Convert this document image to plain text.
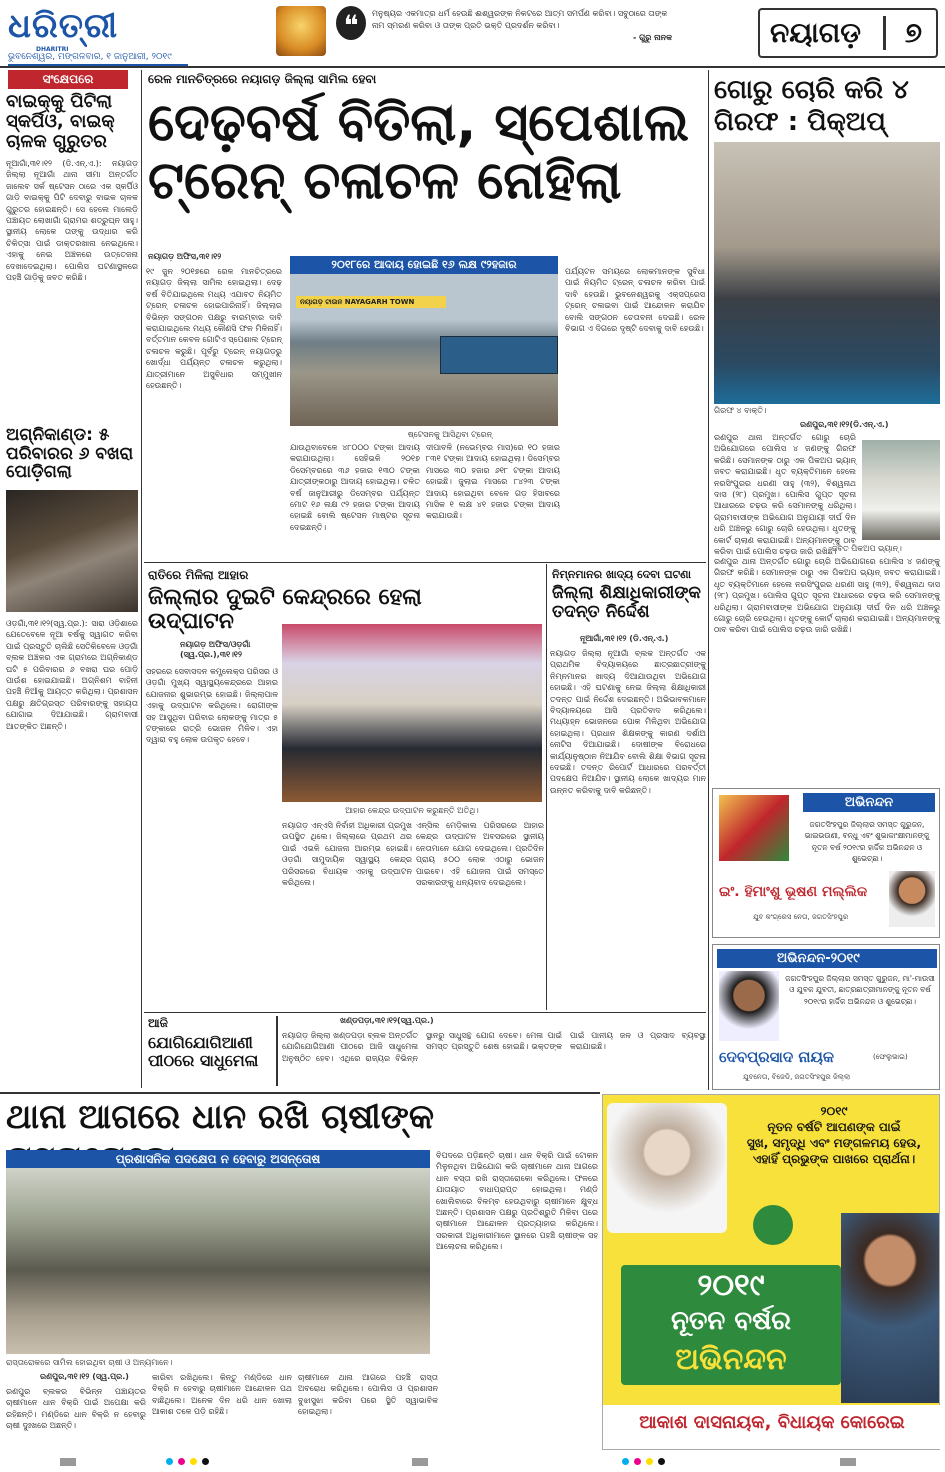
ଧରିତ୍ରୀ
DHARITRI
ଭୁବନେଶ୍ୱର, ମଙ୍ଗଳବାର, ୧ ଜାନୁଆରୀ, ୨୦୧୯
❝	ମନୁଷ୍ୟର ଏକମାତ୍ର ଧର୍ମ ହେଉଛି ଈଶ୍ୱରଙ୍କ ନିକଟରେ ଆତ୍ମ ସମର୍ପଣ କରିବା। ସବୁଠାରେ ତାଙ୍କ ନାମ ସ୍ମରଣ କରିବା ଓ ତାଙ୍କ ପ୍ରତି ଭକ୍ତି ପ୍ରଦର୍ଶନ କରିବା।
- ଗୁରୁ ନାନକ	ନୟାଗଡ଼ ୭
ସଂକ୍ଷେପରେ
ବାଇକ୍‌କୁ ପିଟିଲା ସ୍କର୍ପିଓ, ବାଇକ୍ ଚାଳକ ଗୁରୁତର
ନୂଆଗାଁ,୩୧।୧୨ (ଡି.ଏନ୍.ଏ.): ନୟାଗଡ଼ ଜିଲ୍ଲା ନୂଆଗାଁ ଥାନା ସୀମା ଅନ୍ତର୍ଗତ ଜାଲେବ ସର୍କ ଷ୍ଟେସନ ଠାରେ ଏକ ସ୍କର୍ପିଓ ଗାଡ଼ି ବାଇକ୍‌କୁ ପିଟି ଦେବାରୁ ବାଇକ ଚାଳକ ଗୁରୁତର ହୋଇଛନ୍ତି। ସେ ହେଲେ ମାଲେଡ଼ି ପଞ୍ଚାୟତ ଲୋଖାଗାଁ ଗ୍ରାମର ଶତ୍ରୁଘ୍ନ ସାହୁ। ସ୍ଥାନୀୟ ଲୋକେ ତାଙ୍କୁ ଉଦ୍ଧାର କରି ଚିକିତ୍ସା ପାଇଁ ଡାକ୍ତରଖାନା ନେଇଥିଲେ। ଏହାକୁ ନେଇ ଅଞ୍ଚଳରେ ଉତ୍ତେଜନା ଦେଖାଦେଇଥିଲା। ପୋଲିସ ଘଟଣାସ୍ଥଳରେ ପହଞ୍ଚି ଗାଡ଼ିକୁ ଜବତ କରିଛି।
ଅଗ୍ନିକାଣ୍ଡ: ୫ ପରିବାରର ୬ ବଖରା ପୋଡ଼ିଗଲା
ଓଡ଼ଗାଁ,୩୧।୧୨(ସ୍ୱ.ପ୍ର.): ସାରା ଓଡ଼ିଶାରେ ଯେତେବେଳେ ନୂଆ ବର୍ଷକୁ ସ୍ୱାଗତ କରିବା ପାଇଁ ପ୍ରସ୍ତୁତି ଚାଲିଛି ସେତିକିବେଳେ ଓଡ଼ଗାଁ ବ୍ଲକ ଅଞ୍ଚଳର ଏକ ଗ୍ରାମରେ ଅଗ୍ନିକାଣ୍ଡ ଘଟି ୫ ପରିବାରର ୬ ବଖରା ଘର ପୋଡ଼ି ପାଉଁଶ ହୋଇଯାଇଛି। ଅଗ୍ନିଶମ ବାହିନୀ ପହଞ୍ଚି ନିଆଁକୁ ଆୟତ୍ତ କରିଥିଲା। ପ୍ରଶାସନ ପକ୍ଷରୁ କ୍ଷତିଗ୍ରସ୍ତ ପରିବାରଙ୍କୁ ସହାୟତା ଯୋଗାଇ ଦିଆଯାଇଛି। ଗ୍ରାମବାସୀ ଆତଙ୍କିତ ଅଛନ୍ତି।
ରେଳ ମାନଚିତ୍ରରେ ନୟାଗଡ଼ ଜିଲ୍ଲା ସାମିଲ ହେବା
ଦେଢ଼ବର୍ଷ ବିତିଲା, ସ୍ପେଶାଲ ଟ୍ରେନ୍ ଚଳାଚଳ ନୋହିଲା
ନୟାଗଡ଼ ଅଫିସ,୩୧।୧୨
୧୯ ଜୁନ ୨୦୧୭ରେ ରେଳ ମାନଚିତ୍ରରେ ନୟାଗଡ଼ ଜିଲ୍ଲା ସାମିଲ ହୋଇଥିଲା। ଦେଢ଼ ବର୍ଷ ବିତିଯାଇଥିଲେ ମଧ୍ୟ ଏଯାବତ ନିୟମିତ ଟ୍ରେନ୍ ଚଳାଚଳ ହୋଇପାରିନାହିଁ। ଜିଲ୍ଲାର ବିଭିନ୍ନ ସଙ୍ଗଠନ ପକ୍ଷରୁ ବାରମ୍ବାର ଦାବି କରାଯାଇଥିଲେ ମଧ୍ୟ କୌଣସି ଫଳ ମିଳିନାହିଁ। ବର୍ତ୍ତମାନ କେବଳ ଗୋଟିଏ ସ୍ପେଶାଲ ଟ୍ରେନ୍ ଚଳାଚଳ କରୁଛି। ପୂର୍ବରୁ ଟ୍ରେନ୍ ନୟାଗଡ଼ରୁ ଖୋର୍ଦ୍ଧା ପର୍ଯ୍ୟନ୍ତ ଚଳାଚଳ କରୁଥିଲା। ଯାତ୍ରୀମାନେ ଅସୁବିଧାର ସମ୍ମୁଖୀନ ହେଉଛନ୍ତି।
୨୦୧୮ରେ ଆଦାୟ ହୋଇଛି ୧୬ ଲକ୍ଷ ୯୨ହଜାର
ନୟାଗଡ଼ ଟାଉନ NAYAGARH TOWN
ଷ୍ଟେସନକୁ ଆସିଥିବା ଟ୍ରେନ୍
ପର୍ଯ୍ୟଟନ ସମୟରେ ଲୋକମାନଙ୍କ ସୁବିଧା ପାଇଁ ନିୟମିତ ଟ୍ରେନ୍ ଚଳାଚଳ କରିବା ପାଇଁ ଦାବି ହେଉଛି। ଭୁବନେଶ୍ୱରକୁ ଏକ୍ସପ୍ରେସ ଟ୍ରେନ୍ ଚଳାଇବା ପାଇଁ ଆନ୍ଦୋଳନ କରାଯିବ ବୋଲି ସଙ୍ଗଠନ ଚେତାବନୀ ଦେଇଛି। ରେଳ ବିଭାଗ ଏ ଦିଗରେ ଦୃଷ୍ଟି ଦେବାକୁ ଦାବି ହେଉଛି।
ଯାଉଥିବାବେଳେ ୪୮୦୦୦ ଟଙ୍କା ଆଦାୟ କରାଯାଉଥିଲା। ସେହିଭଳି ୨୦୧୭ ଡିସେମ୍ବରରେ ୩୬ ହଜାର ୧୩୦ ଟଙ୍କା ଯାତ୍ରୀଙ୍କଠାରୁ ଆଦାୟ ହୋଇଥିଲା। ଚଳିତ ବର୍ଷ ଜାନୁଆରୀରୁ ଡିସେମ୍ବର ପର୍ଯ୍ୟନ୍ତ ମୋଟ ୧୬ ଲକ୍ଷ ୯୨ ହଜାର ଟଙ୍କା ଆଦାୟ ହୋଇଛି ବୋଲି ଷ୍ଟେସନ ମାଷ୍ଟର ସୂଚନା ଦେଇଛନ୍ତି।
ଦୀପାବଳି (ନଭେମ୍ବର ମାସ)ରେ ୧୦ ହଜାର ୮୩୧ ଟଙ୍କା ଆଦାୟ ହୋଇଥିଲା। ଡିସେମ୍ବର ମାସରେ ୩୦ ହଜାର ୬୧୮ ଟଙ୍କା ଆଦାୟ ହୋଇଛି। ଜୁଲାଇ ମାସରେ ୮୪୨୩ ଟଙ୍କା ଆଦାୟ ହୋଇଥିବା ବେଳେ ଗଡ଼ ହିସାବରେ ମାସିକ ୧ ଲକ୍ଷ ୪୧ ହଜାର ଟଙ୍କା ଆଦାୟ କରାଯାଉଛି।
ଗୋରୁ ଚୋରି କରି ୪ ଗିରଫ : ପିକ୍‌ଅପ୍
ଗିରଫ ୪ ବାକ୍ତି।
ରଣପୁର,୩୧।୧୨(ଡି.ଏନ୍.ଏ.)
ରଣପୁର ଥାନା ଅନ୍ତର୍ଗତ ଗୋରୁ ଚୋରି ଅଭିଯୋଗରେ ପୋଲିସ ୪ ଜଣଙ୍କୁ ଗିରଫ କରିଛି। ସେମାନଙ୍କ ଠାରୁ ଏକ ପିକଅପ ଭ୍ୟାନ୍ ଜବତ କରାଯାଇଛି। ଧୃତ ବ୍ୟକ୍ତିମାନେ ହେଲେ ନରସିଂପୁରର ଧରଣୀ ସାହୁ (୩୨), ବିଶ୍ୱନାଥ ଦାସ (୨୮) ପ୍ରମୁଖ। ପୋଲିସ ଗୁପ୍ତ ସୂଚନା ଆଧାରରେ ଚଢ଼ଉ କରି ସେମାନଙ୍କୁ ଧରିଥିଲା। ଗ୍ରାମବାସୀଙ୍କ ଅଭିଯୋଗ ଅନୁଯାୟୀ ଦୀର୍ଘ ଦିନ ଧରି ଅଞ୍ଚଳରୁ ଗୋରୁ ଚୋରି ହେଉଥିଲା। ଧୃତଙ୍କୁ କୋର୍ଟ ଚାଲାଣ କରାଯାଇଛି। ଅନ୍ୟମାନଙ୍କୁ ଠାବ କରିବା ପାଇଁ ପୋଲିସ ଚଢ଼ଉ ଜାରି ରଖିଛି।
ଜବତ ପିକଅପ ଭ୍ୟାନ୍।
ରଣପୁର ଥାନା ଅନ୍ତର୍ଗତ ଗୋରୁ ଚୋରି ଅଭିଯୋଗରେ ପୋଲିସ ୪ ଜଣଙ୍କୁ ଗିରଫ କରିଛି। ସେମାନଙ୍କ ଠାରୁ ଏକ ପିକଅପ ଭ୍ୟାନ୍ ଜବତ କରାଯାଇଛି। ଧୃତ ବ୍ୟକ୍ତିମାନେ ହେଲେ ନରସିଂପୁରର ଧରଣୀ ସାହୁ (୩୨), ବିଶ୍ୱନାଥ ଦାସ (୨୮) ପ୍ରମୁଖ। ପୋଲିସ ଗୁପ୍ତ ସୂଚନା ଆଧାରରେ ଚଢ଼ଉ କରି ସେମାନଙ୍କୁ ଧରିଥିଲା। ଗ୍ରାମବାସୀଙ୍କ ଅଭିଯୋଗ ଅନୁଯାୟୀ ଦୀର୍ଘ ଦିନ ଧରି ଅଞ୍ଚଳରୁ ଗୋରୁ ଚୋରି ହେଉଥିଲା। ଧୃତଙ୍କୁ କୋର୍ଟ ଚାଲାଣ କରାଯାଇଛି। ଅନ୍ୟମାନଙ୍କୁ ଠାବ କରିବା ପାଇଁ ପୋଲିସ ଚଢ଼ଉ ଜାରି ରଖିଛି।
ରାତିରେ ମିଳିଲା ଆହାର
ଜିଲ୍ଲାର ଦୁଇଟି କେନ୍ଦ୍ରରେ ହେଲା ଉଦ୍‌ଘାଟନ
ନୟାଗଡ଼ ଅଫିସ/ଓଡ଼ଗାଁ (ସ୍ୱ.ପ୍ର.),୩୧।୧୨
ଆହାର କେନ୍ଦ୍ର ଉଦ୍‌ଘାଟନ କରୁଛନ୍ତି ଅତିଥି।
ସହରରେ ସେବାସଦନ କମ୍ପ୍ଲେକ୍ସ ପରିସର ଓ ଓଡ଼ଗାଁ ମୁଖ୍ୟ ସ୍ୱାସ୍ଥ୍ୟକେନ୍ଦ୍ରରେ ଆହାର ଯୋଜନାର ଶୁଭାରମ୍ଭ ହୋଇଛି। ଜିଲ୍ଲାପାଳ ଏହାକୁ ଉଦ୍‌ଘାଟନ କରିଥିଲେ। ରୋଗୀଙ୍କ ସହ ଆସୁଥିବା ପରିବାର ଲୋକଙ୍କୁ ମାତ୍ର ୫ ଟଙ୍କାରେ ରାତ୍ରି ଭୋଜନ ମିଳିବ। ଏହା ଦ୍ୱାରା ବହୁ ଲୋକ ଉପକୃତ ହେବେ।
ନୟାଗଡ଼ ଏନ୍‌ଏସି ନିର୍ବାହୀ ଅଧିକାରୀ ପ୍ରମୁଖ ଉପସ୍ଥିତ ଥିଲେ। ଜିଲ୍ଲାରେ ପ୍ରଥମ ଥର ପାଇଁ ଏଭଳି ଯୋଜନା ଆରମ୍ଭ ହୋଇଛି। ଓଡ଼ଗାଁ ସାମୁଦାୟିକ ସ୍ୱାସ୍ଥ୍ୟ କେନ୍ଦ୍ର ପରିସରରେ ବିଧାୟକ ଏହାକୁ ଉଦ୍‌ଘାଟନ କରିଥିଲେ।
ଏନ୍‌ସିଲ ମେଡ଼ିକାଲ ପରିସରରେ ଆହାର କେନ୍ଦ୍ର ଉଦ୍‌ଘାଟନ ଅବସରରେ ସ୍ଥାନୀୟ ନେତାମାନେ ଯୋଗ ଦେଇଥିଲେ। ପ୍ରତିଦିନ ପ୍ରାୟ ୫୦୦ ଲୋକ ଏଠାରୁ ଭୋଜନ ପାଇବେ। ଏହି ଯୋଜନା ପାଇଁ ସମସ୍ତେ ସରକାରଙ୍କୁ ଧନ୍ୟବାଦ ଦେଇଥିଲେ।
ନିମ୍ନମାନର ଖାଦ୍ୟ ଦେବା ଘଟଣା
ଜିଲ୍ଲା ଶିକ୍ଷାଧିକାରୀଙ୍କ ତଦନ୍ତ ନିର୍ଦ୍ଦେଶ
ନୂଆଗାଁ,୩୧।୧୨ (ଡି.ଏନ୍.ଏ.)
ନୟାଗଡ଼ ଜିଲ୍ଲା ନୂଆଗାଁ ବ୍ଲକ ଅନ୍ତର୍ଗତ ଏକ ପ୍ରାଥମିକ ବିଦ୍ୟାଳୟରେ ଛାତ୍ରଛାତ୍ରୀଙ୍କୁ ନିମ୍ନମାନର ଖାଦ୍ୟ ଦିଆଯାଉଥିବା ଅଭିଯୋଗ ହୋଇଛି। ଏହି ଘଟଣାକୁ ନେଇ ଜିଲ୍ଲା ଶିକ୍ଷାଧିକାରୀ ତଦନ୍ତ ପାଇଁ ନିର୍ଦ୍ଦେଶ ଦେଇଛନ୍ତି। ଅଭିଭାବକମାନେ ବିଦ୍ୟାଳୟରେ ଆସି ପ୍ରତିବାଦ କରିଥିଲେ। ମଧ୍ୟାହ୍ନ ଭୋଜନରେ ପୋକ ମିଳିଥିବା ଅଭିଯୋଗ ହୋଇଥିଲା। ପ୍ରଧାନ ଶିକ୍ଷକଙ୍କୁ କାରଣ ଦର୍ଶାଅ ନୋଟିସ ଦିଆଯାଇଛି। ଦୋଷୀଙ୍କ ବିରୋଧରେ କାର୍ଯ୍ୟାନୁଷ୍ଠାନ ନିଆଯିବ ବୋଲି ଶିକ୍ଷା ବିଭାଗ ସୂଚନା ଦେଇଛି। ତଦନ୍ତ ରିପୋର୍ଟ ଆଧାରରେ ପରବର୍ତ୍ତୀ ପଦକ୍ଷେପ ନିଆଯିବ। ସ୍ଥାନୀୟ ଲୋକେ ଖାଦ୍ୟର ମାନ ଉନ୍ନତ କରିବାକୁ ଦାବି କରିଛନ୍ତି।
ଆଜି
ଯୋଗିଯୋଗିଆଣୀ ପୀଠରେ ସାଧୁମେଳା
ଖଣ୍ଡପଡ଼ା,୩୧।୧୨(ସ୍ୱ.ପ୍ର.)
ନୟାଗଡ଼ ଜିଲ୍ଲା ଖଣ୍ଡପଡ଼ା ବ୍ଲକ ଅନ୍ତର୍ଗତ ଯୋଗିଯୋଗିଆଣୀ ପୀଠରେ ଆଜି ସାଧୁମେଳା ଅନୁଷ୍ଠିତ ହେବ। ଏଥିରେ ରାଜ୍ୟର ବିଭିନ୍ନ ସ୍ଥାନରୁ ସାଧୁସନ୍ଥ ଯୋଗ ଦେବେ। ମେଳା ପାଇଁ ସମସ୍ତ ପ୍ରସ୍ତୁତି ଶେଷ ହୋଇଛି। ଭକ୍ତଙ୍କ ପାଇଁ ପାନୀୟ ଜଳ ଓ ପ୍ରସାଦ ବ୍ୟବସ୍ଥା କରାଯାଇଛି।
ଅଭିନନ୍ଦନ
ଜଗତସିଂହପୁର ଜିଲ୍ଲାର ସମସ୍ତ ଗୁରୁଜନ, ଭାଇଭଉଣୀ, ବନ୍ଧୁ ଏବଂ ଶୁଭାକାଂକ୍ଷୀମାନଙ୍କୁ ନୂତନ ବର୍ଷ ୨୦୧୯ର ହାର୍ଦ୍ଦିକ ଅଭିନନ୍ଦନ ଓ ଶୁଭେଚ୍ଛା।
ଇଂ. ହିମାଂଶୁ ଭୂଷଣ ମଲ୍ଲିକ
ଯୁବ କଂଗ୍ରେସ ନେତା, ଜଗତସିଂହପୁର
ଅଭିନନ୍ଦନ-୨୦୧୯
ଜଗତସିଂହପୁର ଜିଲ୍ଲାର ସମସ୍ତ ଗୁରୁଜନ, ମା'-ମାଉସୀ ଓ ଯୁବକ ଯୁବତୀ, ଛାତ୍ରଛାତ୍ରୀମାନଙ୍କୁ ନୂତନ ବର୍ଷ ୨୦୧୯ର ହାର୍ଦ୍ଦିକ ଅଭିନନ୍ଦନ ଓ ଶୁଭେଚ୍ଛା।
ଦେବପ୍ରସାଦ ନାୟକ	(ଫେଲୁଭାଇ)
ଯୁବନେତା, ବିଜେଡି, ଜଗତସିଂହପୁର ଜିଲ୍ଲା
ଥାନା ଆଗରେ ଧାନ ରଖି ଚାଷୀଙ୍କ
ପ୍ରଶାସନିକ ପଦକ୍ଷେପ ନ ହେବାରୁ ଅସନ୍ତୋଷ
ରାସ୍ତାରୋକରେ ସାମିଲ ହୋଇଥିବା ଚାଷୀ ଓ ଅନ୍ୟମାନେ।
ବିପଦରେ ପଡ଼ିଛନ୍ତି ଚାଷୀ। ଧାନ ବିକ୍ରି ପାଇଁ ଟୋକନ ମିଳୁନଥିବା ଅଭିଯୋଗ କରି ଚାଷୀମାନେ ଥାନା ଆଗରେ ଧାନ ବସ୍ତା ରଖି ରାସ୍ତାରୋକୋ କରିଥିଲେ। ଫଳରେ ଯାତାୟାତ ବାଧାପ୍ରାପ୍ତ ହୋଇଥିଲା। ମଣ୍ଡି ଖୋଲିବାରେ ବିଳମ୍ବ ହେଉଥିବାରୁ ଚାଷୀମାନେ କ୍ଷୁବ୍ଧ ଅଛନ୍ତି। ପ୍ରଶାସନ ପକ୍ଷରୁ ପ୍ରତିଶ୍ରୁତି ମିଳିବା ପରେ ଚାଷୀମାନେ ଆନ୍ଦୋଳନ ପ୍ରତ୍ୟାହାର କରିଥିଲେ। ସରକାରୀ ଅଧିକାରୀମାନେ ସ୍ଥାନରେ ପହଞ୍ଚି ଚାଷୀଙ୍କ ସହ ଆଲୋଚନା କରିଥିଲେ।
ରଣପୁର,୩୧।୧୨ (ସ୍ୱ.ପ୍ର.)
ରଣପୁର ବ୍ଲକର ବିଭିନ୍ନ ପଞ୍ଚାୟତର ଚାଷୀମାନେ ଧାନ ବିକ୍ରି ପାଇଁ ଅପେକ୍ଷା କରି ରହିଛନ୍ତି। ମଣ୍ଡିରେ ଧାନ ବିକ୍ରି ନ ହେବାରୁ ଚାଷୀ ଦୁଃଖରେ ଅଛନ୍ତି।
କାରିବା ରଖିଥିଲେ। କିନ୍ତୁ ମଣ୍ଡିରେ ଧାନ ବିକ୍ରି ନ ହେବାରୁ ଚାଷୀମାନେ ଆନ୍ଦୋଳନ ପଥ ବାଛିଥିଲେ। ଅନେକ ଦିନ ଧରି ଧାନ ଖୋଲା ଆକାଶ ତଳେ ପଡ଼ି ରହିଛି।
ଚାଷୀମାନେ ଥାନା ଆଗରେ ପହଞ୍ଚି ରାସ୍ତା ଅବରୋଧ କରିଥିଲେ। ପୋଲିସ ଓ ପ୍ରଶାସନ ବୁଝାସୁଝା କରିବା ପରେ ସ୍ଥିତି ସ୍ୱାଭାବିକ ହୋଇଥିଲା।
୨୦୧୯
ନୂତନ ବର୍ଷଟି ଆପଣଙ୍କ ପାଇଁ
ସୁଖ, ସମୃଦ୍ଧି ଏବଂ ମଙ୍ଗଳମୟ ହେଉ,
ଏହାହିଁ ପ୍ରଭୁଙ୍କ ପାଖରେ ପ୍ରାର୍ଥନା।
୨୦୧୯
ନୂତନ ବର୍ଷର
ଅଭିନନ୍ଦନ
ଆକାଶ ଦାସନାୟକ, ବିଧାୟକ କୋରେଇ
